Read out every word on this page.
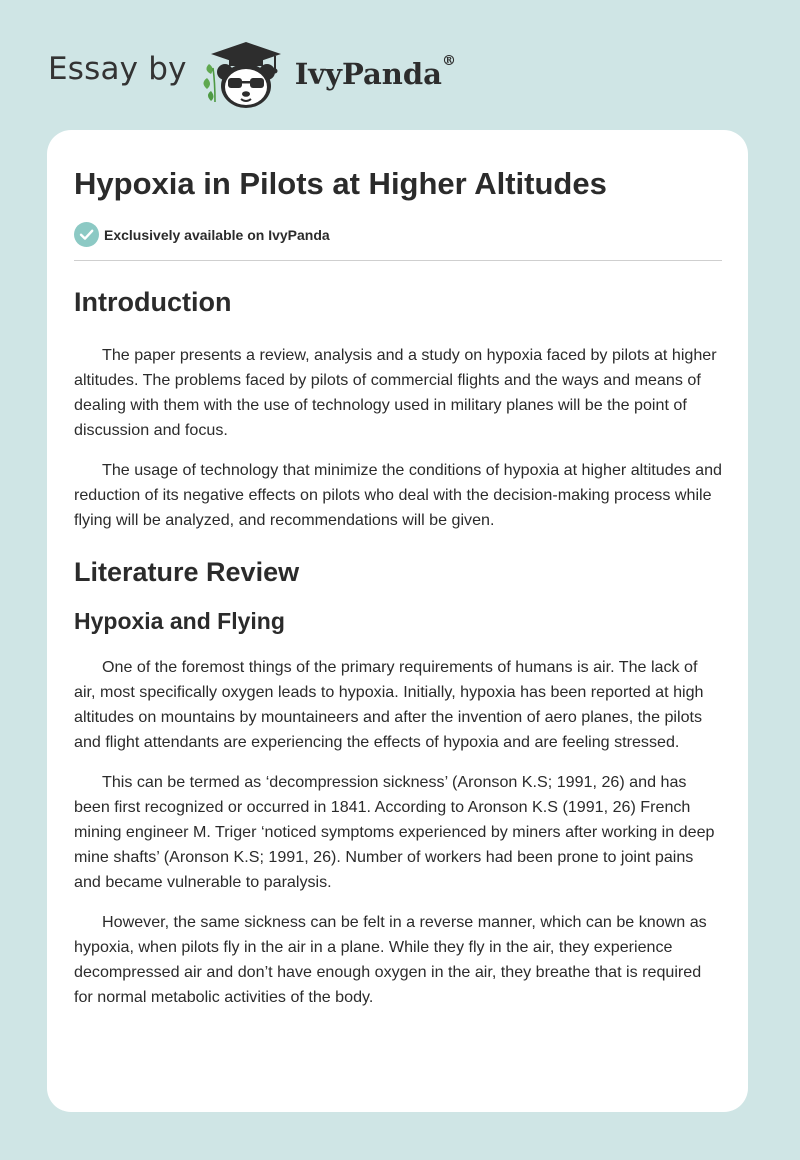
Essay by	IvyPanda®
Hypoxia in Pilots at Higher Altitudes
Exclusively available on IvyPanda
Introduction

The paper presents a review, analysis and a study on hypoxia faced by pilots at higher altitudes. The problems faced by pilots of commercial flights and the ways and means of dealing with them with the use of technology used in military planes will be the point of discussion and focus.

The usage of technology that minimize the conditions of hypoxia at higher altitudes and reduction of its negative effects on pilots who deal with the decision-making process while flying will be analyzed, and recommendations will be given.

Literature Review
Hypoxia and Flying

One of the foremost things of the primary requirements of humans is air. The lack of air, most specifically oxygen leads to hypoxia. Initially, hypoxia has been reported at high altitudes on mountains by mountaineers and after the invention of aero planes, the pilots and flight attendants are experiencing the effects of hypoxia and are feeling stressed.

This can be termed as ‘decompression sickness’ (Aronson K.S; 1991, 26) and has been first recognized or occurred in 1841. According to Aronson K.S (1991, 26) French mining engineer M. Triger ‘noticed symptoms experienced by miners after working in deep mine shafts’ (Aronson K.S; 1991, 26). Number of workers had been prone to joint pains and became vulnerable to paralysis.

However, the same sickness can be felt in a reverse manner, which can be known as hypoxia, when pilots fly in the air in a plane. While they fly in the air, they experience decompressed air and don’t have enough oxygen in the air, they breathe that is required for normal metabolic activities of the body.
